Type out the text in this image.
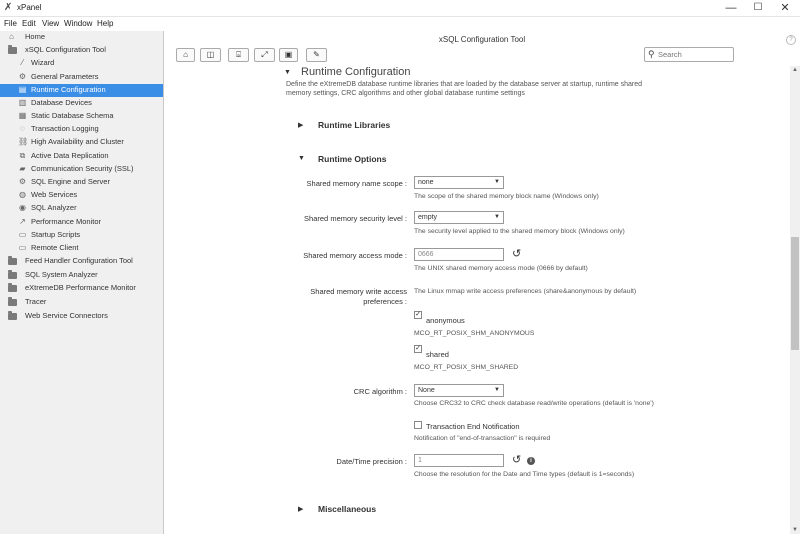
✗ xPanel	—	☐	✕
File Edit View Window Help
⌂ Home
xSQL Configuration Tool
⁄	Wizard
⚙ General Parameters
▤ Runtime Configuration
▥ Database Devices
▦ Static Database Schema
◌ Transaction Logging
⛓ High Availability and Cluster
⧉ Active Data Replication
▰ Communication Security (SSL)
⚙ SQL Engine and Server
◍ Web Services
◉ SQL Analyzer
↗ Performance Monitor
▭ Startup Scripts
▭ Remote Client
Feed Handler Configuration Tool
SQL System Analyzer
eXtremeDB Performance Monitor
Tracer
Web Service Connectors
xSQL Configuration Tool	?
⌂	◫	⌺	⤢	▣	✎	⚲
Search
▼ Runtime Configuration
Define the eXtremeDB database runtime libraries that are loaded by the database server at startup, runtime shared memory settings, CRC algorithms and other global database runtime settings
▶ Runtime Libraries
▼ Runtime Options
Shared memory name scope :	none	▼
The scope of the shared memory block name (Windows only)
Shared memory security level :	empty	▼
The security level applied to the shared memory block (Windows only)
Shared memory access mode :	0666	↺
The UNIX shared memory access mode (0666 by default)
Shared memory write access
preferences :
The Linux mmap write access preferences (share&anonymous by default)
✓
anonymous
MCO_RT_POSIX_SHM_ANONYMOUS
✓
shared
MCO_RT_POSIX_SHM_SHARED
CRC algorithm :	None	▼
Choose CRC32 to CRC check database read/write operations (default is 'none')
Transaction End Notification
Notification of "end-of-transaction" is required
Date/Time precision :	1	↺	i
Choose the resolution for the Date and Time types (default is 1=seconds)
▶ Miscellaneous
▲
▼
